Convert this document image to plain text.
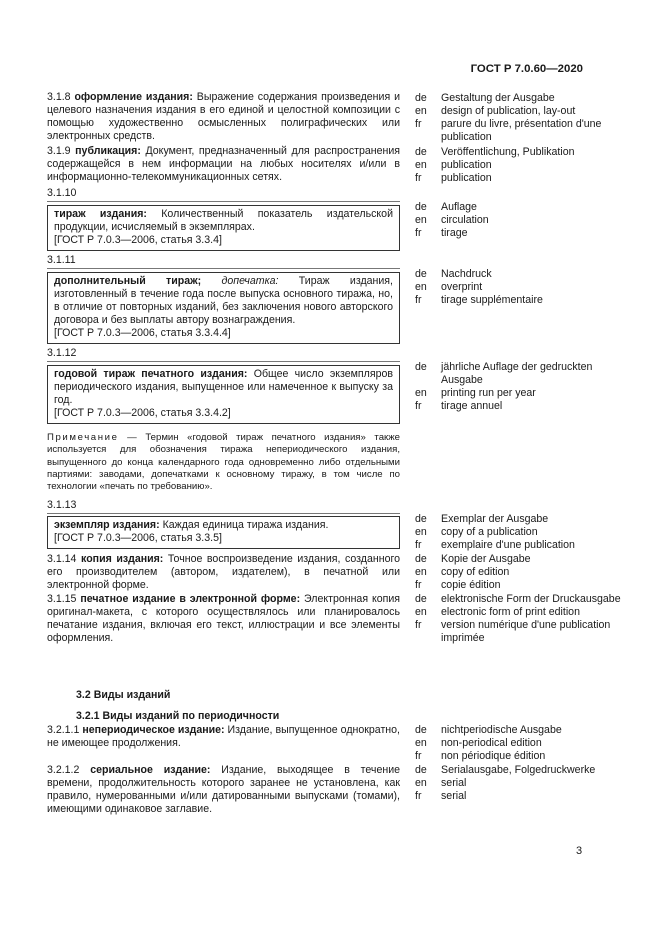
ГОСТ Р 7.0.60—2020
3.1.8 оформление издания: Выражение содержания произведения и целевого назначения издания в его единой и целостной композиции с помощью художественно осмысленных полиграфических или электронных средств.
de	Gestaltung der Ausgabe
en	design of publication, lay-out
fr	parure du livre, présentation d'une publication
3.1.9 публикация: Документ, предназначенный для распространения содержащейся в нем информации на любых носителях и/или в информационно-телекоммуникационных сетях.
de	Veröffentlichung, Publikation
en	publication
fr	publication
3.1.10
тираж издания: Количественный показатель издательской продукции, исчисляемый в экземплярах.
[ГОСТ Р 7.0.3—2006, статья 3.3.4]
de	Auflage
en	circulation
fr	tirage
3.1.11
дополнительный тираж; допечатка: Тираж издания, изготовленный в течение года после выпуска основного тиража, но, в отличие от повторных изданий, без заключения нового авторского договора и без выплаты автору вознаграждения.
[ГОСТ Р 7.0.3—2006, статья 3.3.4.4]
de	Nachdruck
en	overprint
fr	tirage supplémentaire
3.1.12
годовой тираж печатного издания: Общее число экземпляров периодического издания, выпущенное или намеченное к выпуску за год.
[ГОСТ Р 7.0.3—2006, статья 3.3.4.2]
de	jährliche Auflage der gedruckten Ausgabe
en	printing run per year
fr	tirage annuel
Примечание — Термин «годовой тираж печатного издания» также используется для обозначения тиража непериодического издания, выпущенного до конца календарного года одновременно либо отдельными партиями: заводами, допечатками к основному тиражу, в том числе по технологии «печать по требованию».
3.1.13
экземпляр издания: Каждая единица тиража издания.
[ГОСТ Р 7.0.3—2006, статья 3.3.5]
de	Exemplar der Ausgabe
en	copy of a publication
fr	exemplaire d'une publication
3.1.14 копия издания: Точное воспроизведение издания, созданного его производителем (автором, издателем), в печатной или электронной форме.
de	Kopie der Ausgabe
en	copy of edition
fr	copie édition
3.1.15 печатное издание в электронной форме: Электронная копия оригинал-макета, с которого осуществлялось или планировалось печатание издания, включая его текст, иллюстрации и все элементы оформления.
de	elektronische Form der Druckausgabe
en	electronic form of print edition
fr	version numérique d'une publication imprimée
3.2 Виды изданий
3.2.1 Виды изданий по периодичности
3.2.1.1 непериодическое издание: Издание, выпущенное однократно, не имеющее продолжения.
de	nichtperiodische Ausgabe
en	non-periodical edition
fr	non périodique édition
3.2.1.2 сериальное издание: Издание, выходящее в течение времени, продолжительность которого заранее не установлена, как правило, нумерованными и/или датированными выпусками (томами), имеющими одинаковое заглавие.
de	Serialausgabe, Folgedruckwerke
en	serial
fr	serial
3
